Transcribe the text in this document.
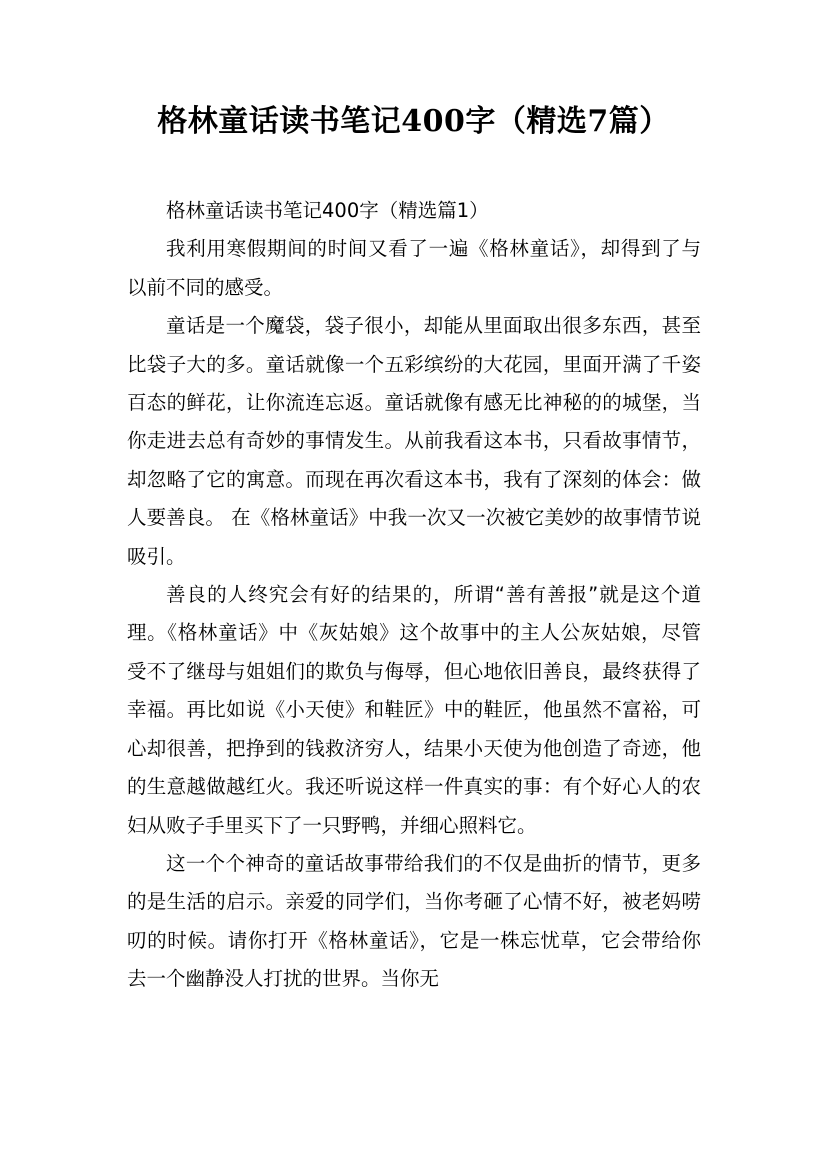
格林童话读书笔记400字（精选7篇）

格林童话读书笔记400字（精选篇1）

我利用寒假期间的时间又看了一遍《格林童话》，却得到了与以前不同的感受。

童话是一个魔袋，袋子很小，却能从里面取出很多东西，甚至比袋子大的多。童话就像一个五彩缤纷的大花园，里面开满了千姿百态的鲜花，让你流连忘返。童话就像有感无比神秘的的城堡，当你走进去总有奇妙的事情发生。从前我看这本书，只看故事情节，却忽略了它的寓意。而现在再次看这本书，我有了深刻的体会：做人要善良。 在《格林童话》中我一次又一次被它美妙的故事情节说吸引。

善良的人终究会有好的结果的，所谓“善有善报”就是这个道理。《格林童话》中《灰姑娘》这个故事中的主人公灰姑娘，尽管受不了继母与姐姐们的欺负与侮辱，但心地依旧善良，最终获得了幸福。再比如说《小天使》和鞋匠》中的鞋匠，他虽然不富裕，可心却很善，把挣到的钱救济穷人，结果小天使为他创造了奇迹，他的生意越做越红火。我还听说这样一件真实的事：有个好心人的农妇从败子手里买下了一只野鸭，并细心照料它。

这一个个神奇的童话故事带给我们的不仅是曲折的情节，更多的是生活的启示。亲爱的同学们，当你考砸了心情不好，被老妈唠叨的时候。请你打开《格林童话》，它是一株忘忧草，它会带给你去一个幽静没人打扰的世界。当你无
